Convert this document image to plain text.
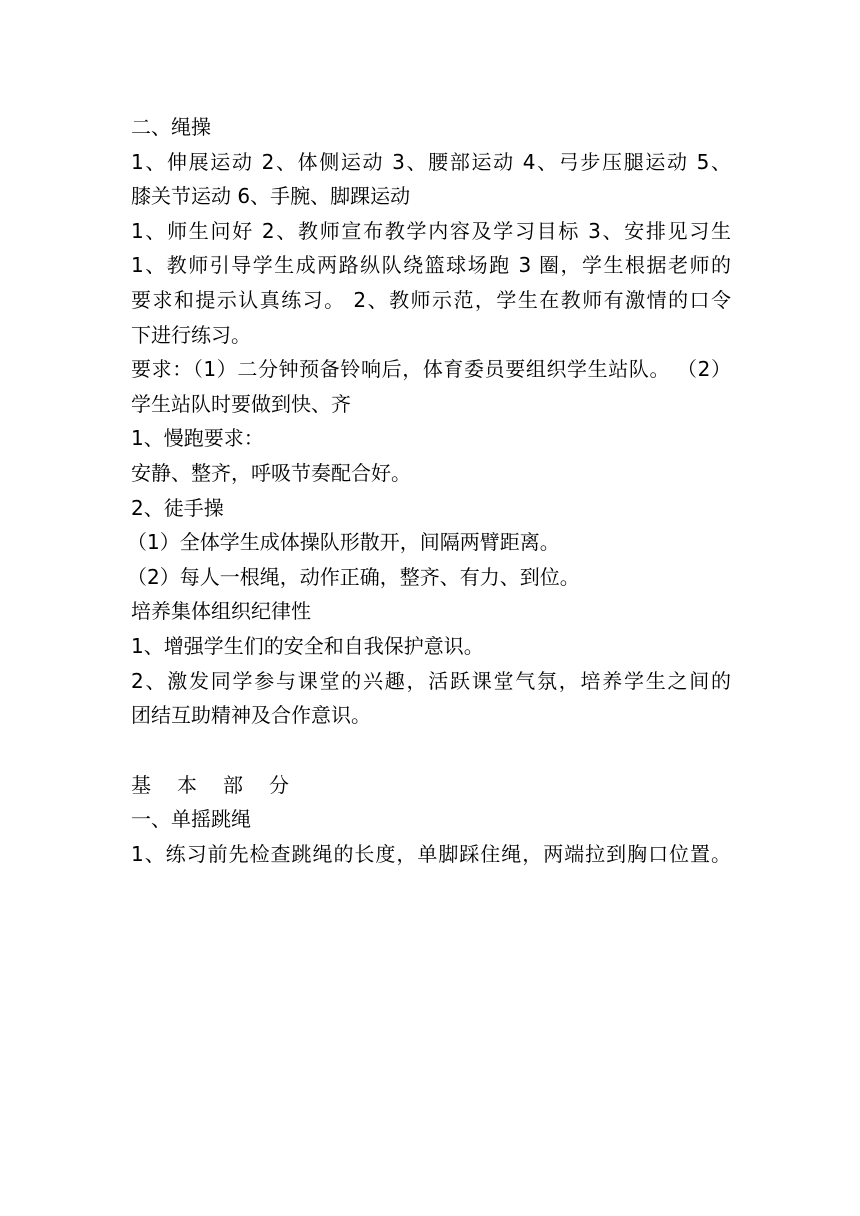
二、绳操
1、伸展运动 2、体侧运动 3、腰部运动 4、弓步压腿运动 5、
膝关节运动 6、手腕、脚踝运动
1、师生问好 2、教师宣布教学内容及学习目标 3、安排见习生
1、教师引导学生成两路纵队绕篮球场跑 3 圈，学生根据老师的
要求和提示认真练习。 2、教师示范，学生在教师有激情的口令
下进行练习。
要求：（1）二分钟预备铃响后，体育委员要组织学生站队。 （2）
学生站队时要做到快、齐
1、慢跑要求：
安静、整齐，呼吸节奏配合好。
2、徒手操
（1）全体学生成体操队形散开，间隔两臂距离。
（2）每人一根绳，动作正确，整齐、有力、到位。
培养集体组织纪律性
1、增强学生们的安全和自我保护意识。
2、激发同学参与课堂的兴趣，活跃课堂气氛，培养学生之间的
团结互助精神及合作意识。
基 本 部 分
一、单摇跳绳
1、练习前先检查跳绳的长度，单脚踩住绳，两端拉到胸口位置。
